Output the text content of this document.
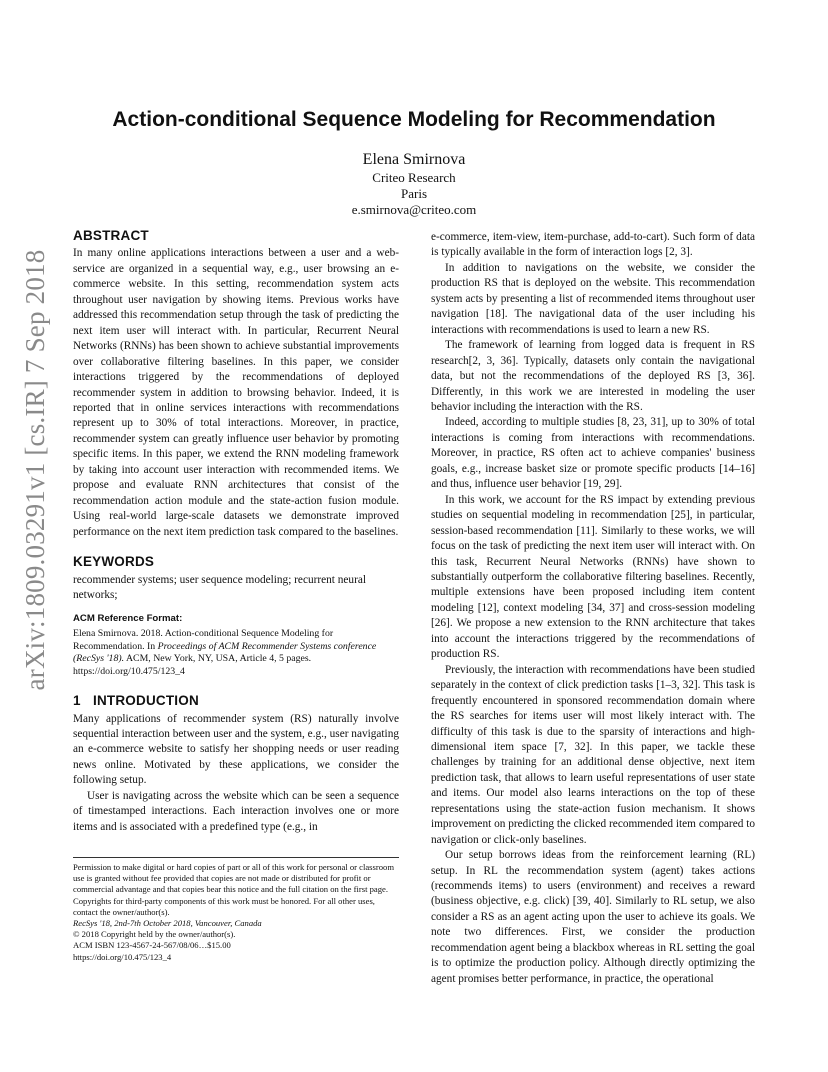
arXiv:1809.03291v1 [cs.IR] 7 Sep 2018
Action-conditional Sequence Modeling for Recommendation
Elena Smirnova
Criteo Research
Paris
e.smirnova@criteo.com
ABSTRACT

In many online applications interactions between a user and a web-service are organized in a sequential way, e.g., user browsing an e-commerce website. In this setting, recommendation system acts throughout user navigation by showing items. Previous works have addressed this recommendation setup through the task of predicting the next item user will interact with. In particular, Recurrent Neural Networks (RNNs) has been shown to achieve substantial improvements over collaborative filtering baselines. In this paper, we consider interactions triggered by the recommendations of deployed recommender system in addition to browsing behavior. Indeed, it is reported that in online services interactions with recommendations represent up to 30% of total interactions. Moreover, in practice, recommender system can greatly influence user behavior by promoting specific items. In this paper, we extend the RNN modeling framework by taking into account user interaction with recommended items. We propose and evaluate RNN architectures that consist of the recommendation action module and the state-action fusion module. Using real-world large-scale datasets we demonstrate improved performance on the next item prediction task compared to the baselines.

KEYWORDS

recommender systems; user sequence modeling; recurrent neural networks;

ACM Reference Format:

Elena Smirnova. 2018. Action-conditional Sequence Modeling for Recommendation. In Proceedings of ACM Recommender Systems conference (RecSys '18). ACM, New York, NY, USA, Article 4, 5 pages. https://doi.org/10.475/123_4

1 INTRODUCTION

Many applications of recommender system (RS) naturally involve sequential interaction between user and the system, e.g., user navigating an e-commerce website to satisfy her shopping needs or user reading news online. Motivated by these applications, we consider the following setup.

User is navigating across the website which can be seen a sequence of timestamped interactions. Each interaction involves one or more items and is associated with a predefined type (e.g., in

Permission to make digital or hard copies of part or all of this work for personal or classroom use is granted without fee provided that copies are not made or distributed for profit or commercial advantage and that copies bear this notice and the full citation on the first page. Copyrights for third-party components of this work must be honored. For all other uses, contact the owner/author(s).

RecSys '18, 2nd-7th October 2018, Vancouver, Canada

© 2018 Copyright held by the owner/author(s).

ACM ISBN 123-4567-24-567/08/06…$15.00

https://doi.org/10.475/123_4

e-commerce, item-view, item-purchase, add-to-cart). Such form of data is typically available in the form of interaction logs [2, 3].

In addition to navigations on the website, we consider the production RS that is deployed on the website. This recommendation system acts by presenting a list of recommended items throughout user navigation [18]. The navigational data of the user including his interactions with recommendations is used to learn a new RS.

The framework of learning from logged data is frequent in RS research[2, 3, 36]. Typically, datasets only contain the navigational data, but not the recommendations of the deployed RS [3, 36]. Differently, in this work we are interested in modeling the user behavior including the interaction with the RS.

Indeed, according to multiple studies [8, 23, 31], up to 30% of total interactions is coming from interactions with recommendations. Moreover, in practice, RS often act to achieve companies' business goals, e.g., increase basket size or promote specific products [14–16] and thus, influence user behavior [19, 29].

In this work, we account for the RS impact by extending previous studies on sequential modeling in recommendation [25], in particular, session-based recommendation [11]. Similarly to these works, we will focus on the task of predicting the next item user will interact with. On this task, Recurrent Neural Networks (RNNs) have shown to substantially outperform the collaborative filtering baselines. Recently, multiple extensions have been proposed including item content modeling [12], context modeling [34, 37] and cross-session modeling [26]. We propose a new extension to the RNN architecture that takes into account the interactions triggered by the recommendations of production RS.

Previously, the interaction with recommendations have been studied separately in the context of click prediction tasks [1–3, 32]. This task is frequently encountered in sponsored recommendation domain where the RS searches for items user will most likely interact with. The difficulty of this task is due to the sparsity of interactions and high-dimensional item space [7, 32]. In this paper, we tackle these challenges by training for an additional dense objective, next item prediction task, that allows to learn useful representations of user state and items. Our model also learns interactions on the top of these representations using the state-action fusion mechanism. It shows improvement on predicting the clicked recommended item compared to navigation or click-only baselines.

Our setup borrows ideas from the reinforcement learning (RL) setup. In RL the recommendation system (agent) takes actions (recommends items) to users (environment) and receives a reward (business objective, e.g. click) [39, 40]. Similarly to RL setup, we also consider a RS as an agent acting upon the user to achieve its goals. We note two differences. First, we consider the production recommendation agent being a blackbox whereas in RL setting the goal is to optimize the production policy. Although directly optimizing the agent promises better performance, in practice, the operational
